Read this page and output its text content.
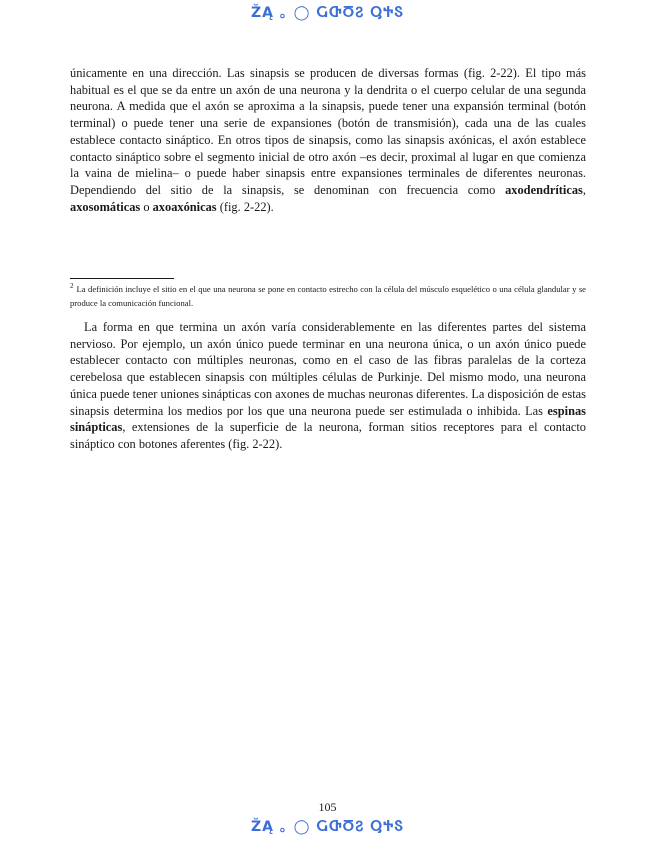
ŽĄ ｡ ◯ ႺႧႣჇ ႳႵႽ

únicamente en una dirección. Las sinapsis se producen de diversas formas (fig. 2-22). El tipo más habitual es el que se da entre un axón de una neurona y la dendrita o el cuerpo celular de una segunda neurona. A medida que el axón se aproxima a la sinapsis, puede tener una expansión terminal (botón terminal) o puede tener una serie de expansiones (botón de transmisión), cada una de las cuales establece contacto sináptico. En otros tipos de sinapsis, como las sinapsis axónicas, el axón establece contacto sináptico sobre el segmento inicial de otro axón –es decir, proximal al lugar en que comienza la vaina de mielina– o puede haber sinapsis entre expansiones terminales de diferentes neuronas. Dependiendo del sitio de la sinapsis, se denominan con frecuencia como axodendríticas, axosomáticas o axoaxónicas (fig. 2-22).

$^2$ La definición incluye el sitio en el que una neurona se pone en contacto estrecho con la célula del músculo esquelético o una célula glandular y se produce la comunicación funcional.

La forma en que termina un axón varía considerablemente en las diferentes partes del sistema nervioso. Por ejemplo, un axón único puede terminar en una neurona única, o un axón único puede establecer contacto con múltiples neuronas, como en el caso de las fibras paralelas de la corteza cerebelosa que establecen sinapsis con múltiples células de Purkinje. Del mismo modo, una neurona única puede tener uniones sinápticas con axones de muchas neuronas diferentes. La disposición de estas sinapsis determina los medios por los que una neurona puede ser estimulada o inhibida. Las espinas sinápticas, extensiones de la superficie de la neurona, forman sitios receptores para el contacto sináptico con botones aferentes (fig. 2-22).

105
ŽĄ ｡ ◯ ႺႧႣჇ ႳႵႽ
